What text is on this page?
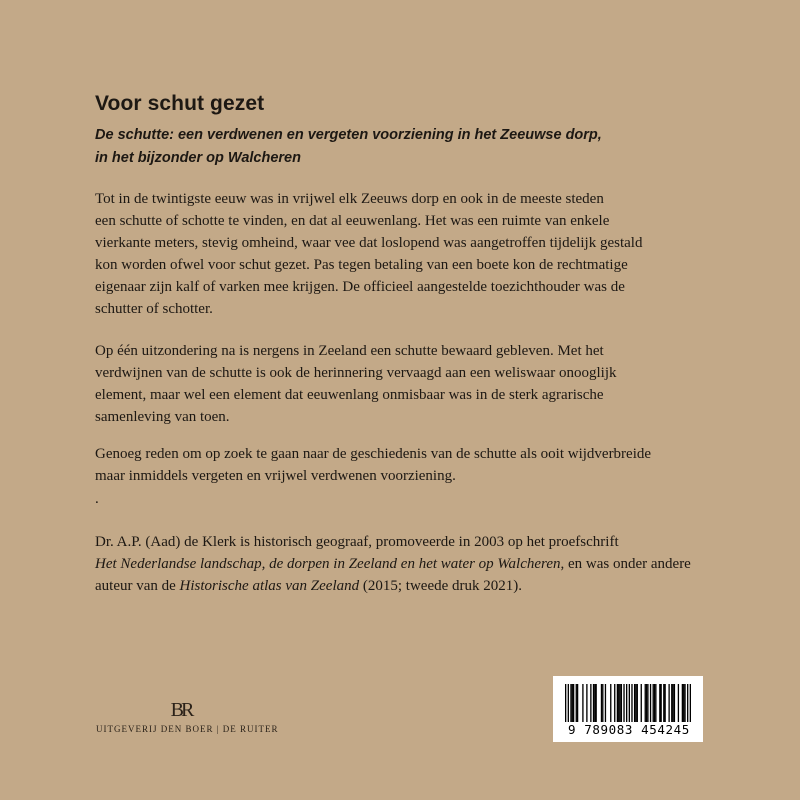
Voor schut gezet
De schutte: een verdwenen en vergeten voorziening in het Zeeuwse dorp,
in het bijzonder op Walcheren
Tot in de twintigste eeuw was in vrijwel elk Zeeuws dorp en ook in de meeste steden
een schutte of schotte te vinden, en dat al eeuwenlang. Het was een ruimte van enkele
vierkante meters, stevig omheind, waar vee dat loslopend was aangetroffen tijdelijk gestald
kon worden ofwel voor schut gezet. Pas tegen betaling van een boete kon de rechtmatige
eigenaar zijn kalf of varken mee krijgen. De officieel aangestelde toezichthouder was de
schutter of schotter.
Op één uitzondering na is nergens in Zeeland een schutte bewaard gebleven. Met het
verdwijnen van de schutte is ook de herinnering vervaagd aan een weliswaar onooglijk
element, maar wel een element dat eeuwenlang onmisbaar was in de sterk agrarische
samenleving van toen.
Genoeg reden om op zoek te gaan naar de geschiedenis van de schutte als ooit wijdverbreide
maar inmiddels vergeten en vrijwel verdwenen voorziening.
.
Dr. A.P. (Aad) de Klerk is historisch geograaf, promoveerde in 2003 op het proefschrift
Het Nederlandse landschap, de dorpen in Zeeland en het water op Walcheren, en was onder andere
auteur van de Historische atlas van Zeeland (2015; tweede druk 2021).
BR
UITGEVERIJ DEN BOER | DE RUITER	9 789083 454245
